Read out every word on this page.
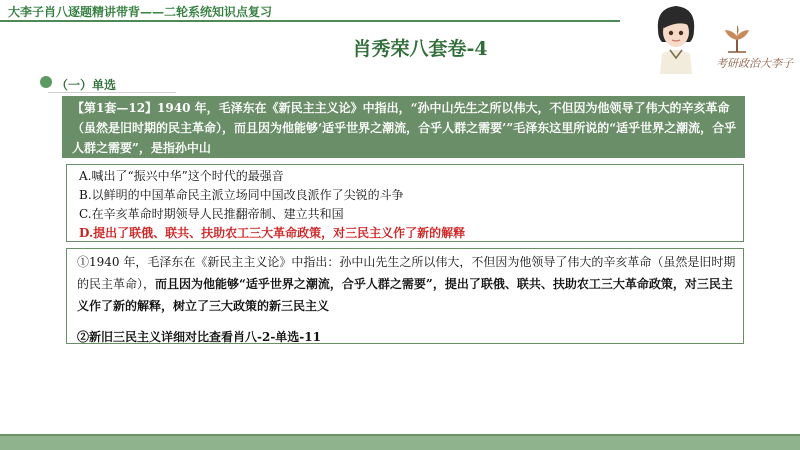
大李子肖八逐题精讲带背——二轮系统知识点复习
肖秀荣八套卷-4
考研政治大李子
（一）单选
【第1套—12】1940 年，毛泽东在《新民主主义论》中指出，“孙中山先生之所以伟大，不但因为他领导了伟大的辛亥革命（虽然是旧时期的民主革命），而且因为他能够‘适乎世界之潮流，合乎人群之需要’”毛泽东这里所说的“适乎世界之潮流，合乎人群之需要”，是指孙中山
A.喊出了“振兴中华”这个时代的最强音
B.以鲜明的中国革命民主派立场同中国改良派作了尖锐的斗争
C.在辛亥革命时期领导人民推翻帝制、建立共和国
D.提出了联俄、联共、扶助农工三大革命政策，对三民主义作了新的解释
①1940 年，毛泽东在《新民主主义论》中指出：孙中山先生之所以伟大，不但因为他领导了伟大的辛亥革命（虽然是旧时期的民主革命），而且因为他能够“适乎世界之潮流，合乎人群之需要”，提出了联俄、联共、扶助农工三大革命政策，对三民主义作了新的解释，树立了三大政策的新三民主义
②新旧三民主义详细对比查看肖八-2-单选-11
